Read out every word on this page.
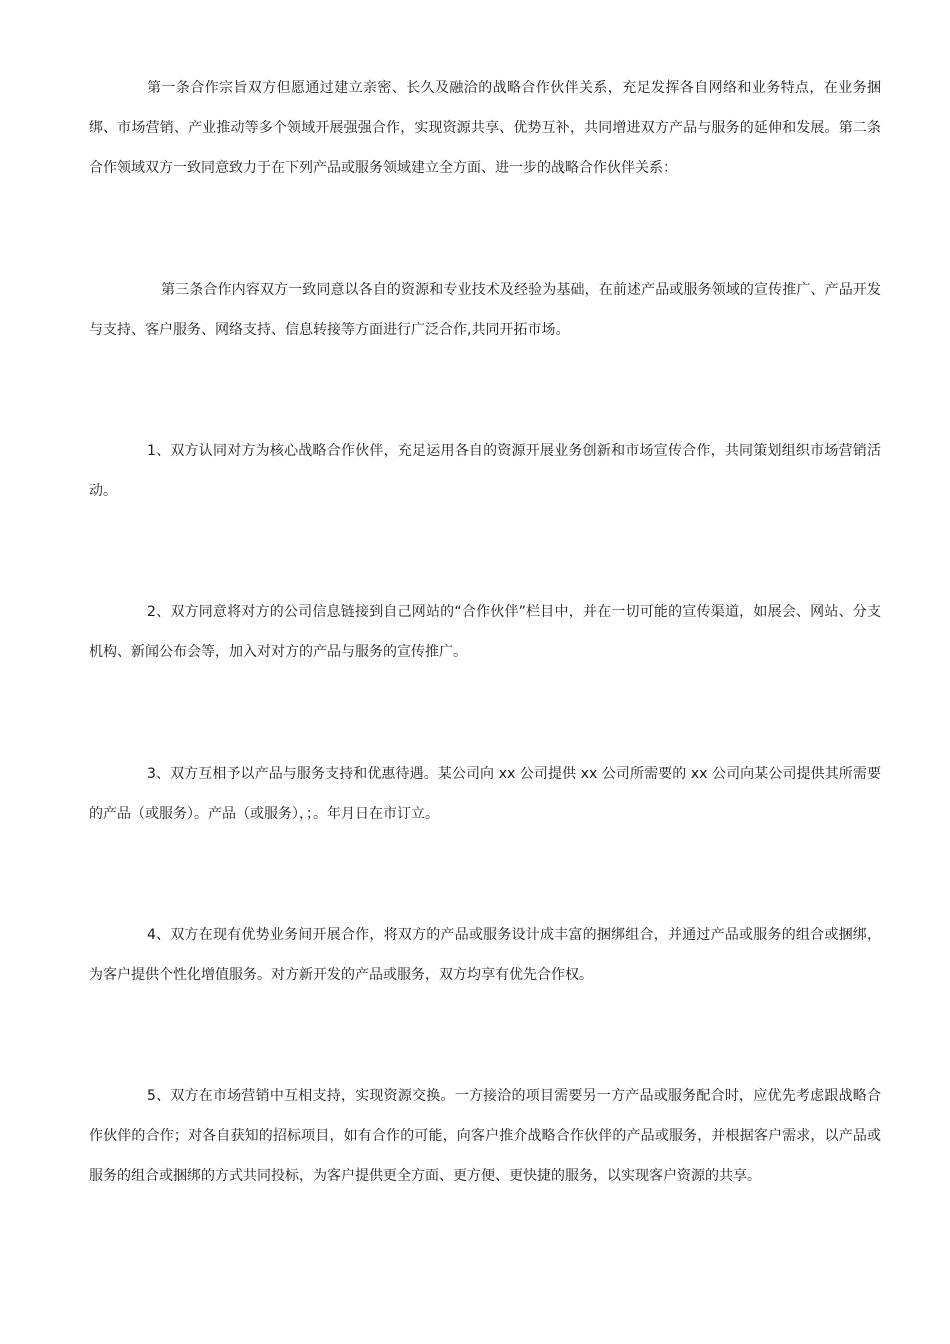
第一条合作宗旨双方但愿通过建立亲密、长久及融洽的战略合作伙伴关系，充足发挥各自网络和业务特点，在业务捆绑、市场营销、产业推动等多个领域开展强强合作，实现资源共享、优势互补，共同增进双方产品与服务的延伸和发展。第二条合作领域双方一致同意致力于在下列产品或服务领域建立全方面、进一步的战略合作伙伴关系：

第三条合作内容双方一致同意以各自的资源和专业技术及经验为基础，在前述产品或服务领域的宣传推广、产品开发与支持、客户服务、网络支持、信息转接等方面进行广泛合作,共同开拓市场。

1、双方认同对方为核心战略合作伙伴，充足运用各自的资源开展业务创新和市场宣传合作，共同策划组织市场营销活动。

2、双方同意将对方的公司信息链接到自己网站的“合作伙伴”栏目中，并在一切可能的宣传渠道，如展会、网站、分支机构、新闻公布会等，加入对对方的产品与服务的宣传推广。

3、双方互相予以产品与服务支持和优惠待遇。某公司向 xx 公司提供 xx 公司所需要的 xx 公司向某公司提供其所需要的产品（或服务）。产品（或服务），；。年月日在市订立。

4、双方在现有优势业务间开展合作，将双方的产品或服务设计成丰富的捆绑组合，并通过产品或服务的组合或捆绑，为客户提供个性化增值服务。对方新开发的产品或服务，双方均享有优先合作权。

5、双方在市场营销中互相支持，实现资源交换。一方接洽的项目需要另一方产品或服务配合时，应优先考虑跟战略合作伙伴的合作；对各自获知的招标项目，如有合作的可能，向客户推介战略合作伙伴的产品或服务，并根据客户需求，以产品或服务的组合或捆绑的方式共同投标，为客户提供更全方面、更方便、更快捷的服务，以实现客户资源的共享。
